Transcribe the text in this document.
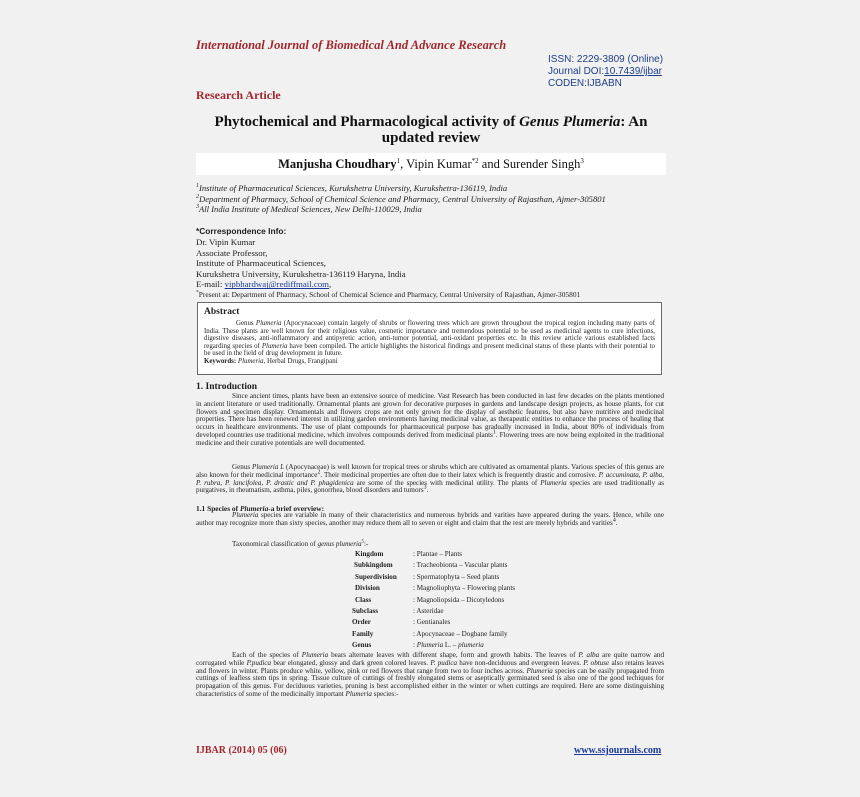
International Journal of Biomedical And Advance Research
ISSN: 2229-3809 (Online)
Journal DOI:10.7439/ijbar
CODEN:IJBABN
Research Article
Phytochemical and Pharmacological activity of Genus Plumeria: An updated review
Manjusha Choudhary$^1$, Vipin Kumar$^{*2}$ and Surender Singh$^3$
$^1$Institute of Pharmaceutical Sciences, Kurukshetra University, Kurukshetra-136119, India
$^2$Department of Pharmacy, School of Chemical Science and Pharmacy, Central University of Rajasthan, Ajmer-305801
$^3$All India Institute of Medical Sciences, New Delhi-110029, India
*Correspondence Info:
Dr. Vipin Kumar
Associate Professor,
Institute of Pharmaceutical Sciences,
Kurukshetra University, Kurukshetra-136119 Haryna, India
E-mail: vipbhardwaj@rediffmail.com,
*Present at: Department of Pharmacy, School of Chemical Science and Pharmacy, Central University of Rajasthan, Ajmer-305801
Abstract
Genus Plumeria (Apocynaceae) contain largely of shrubs or flowering trees which are grown throughout the tropical region including many parts of India. These plants are well known for their religious value, cosmetic importance and tremendous potential to be used as medicinal agents to cure infections, digestive diseases, anti-inflammatory and antipyretic action, anti-tumor potential, anti-oxidant properties etc. In this review article various established facts regarding species of Plumeria have been compiled. The article highlights the historical findings and present medicinal status of these plants with their potential to be used in the field of drug development in future.
Keywords: Plumeria, Herbal Drugs, Frangipani
1. Introduction
Since ancient times, plants have been an extensive source of medicine. Vast Research has been conducted in last few decades on the plants mentioned in ancient literature or used traditionally. Ornamental plants are grown for decorative purposes in gardens and landscape design projects, as house plants, for cut flowers and specimen display. Ornamentals and flowers crops are not only grown for the display of aesthetic features, but also have nutritive and medicinal properties. There has been renewed interest in utilizing garden environments having medicinal value, as therapeutic entities to enhance the process of healing that occurs in healthcare environments. The use of plant compounds for pharmaceutical purpose has gradually increased in India, about 80% of individuals from developed countries use traditional medicine, which involves compounds derived from medicinal plants$^1$. Flowering trees are now being exploited in the traditional medicine and their curative potentials are well documented.
Genus Plumeria L (Apocynaceae) is well known for tropical trees or shrubs which are cultivated as ornamental plants. Various species of this genus are also known for their medicinal importance$^2$. Their medicinal properties are often due to their latex which is frequently drastic and corrosive. P. accuminata, P. alba, P. rubra, P. lancifolea, P. drastic and P. phagidenica are some of the species with medicinal utility. The plants of Plumeria species are used traditionally as purgatives, in rheumatism, asthma, piles, gonorrhea, blood disorders and tumors$^3$.
1.1 Species of Plumeria-a brief overview:
Plumeria species are variable in many of their characteristics and numerous hybrids and varities have appeared during the years. Hence, while one author may recognize more than sixty species, another may reduce them all to seven or eight and claim that the rest are merely hybrids and varities$^4$.
Taxonomical classification of genus plumeria$^5$:-
Kingdom	: Plantae – Plants
Subkingdom	: Tracheobionta – Vascular plants
Superdivision	: Spermatophyta – Seed plants
Division	: Magnoliophyta – Flowering plants
Class	: Magnoliopsida – Dicotyledons
Subclass	: Asteridae
Order	: Gentianales
Family	: Apocynaceae – Dogbane family
Genus	: Plumeria L. – plumeria
Each of the species of Plumeria bears alternate leaves with different shape, form and growth habits. The leaves of P. alba are quite narrow and corrugated while P.pudica bear elongated, glossy and dark green colored leaves. P. pudica have non-deciduous and evergreen leaves. P. obtuse also retains leaves and flowers in winter. Plants produce white, yellow, pink or red flowers that range from two to four inches across. Plumeria species can be easily propagated from cuttings of leafless stem tips in spring. Tissue culture of cuttings of freshly elongated stems or aseptically germinated seed is also one of the good techiques for propagation of this genus. For deciduous varieties, pruning is best accomplished either in the winter or when cuttings are required. Here are some distinguishing characteristics of some of the medicinally important Plumeria species:-
IJBAR (2014) 05 (06)	www.ssjournals.com
